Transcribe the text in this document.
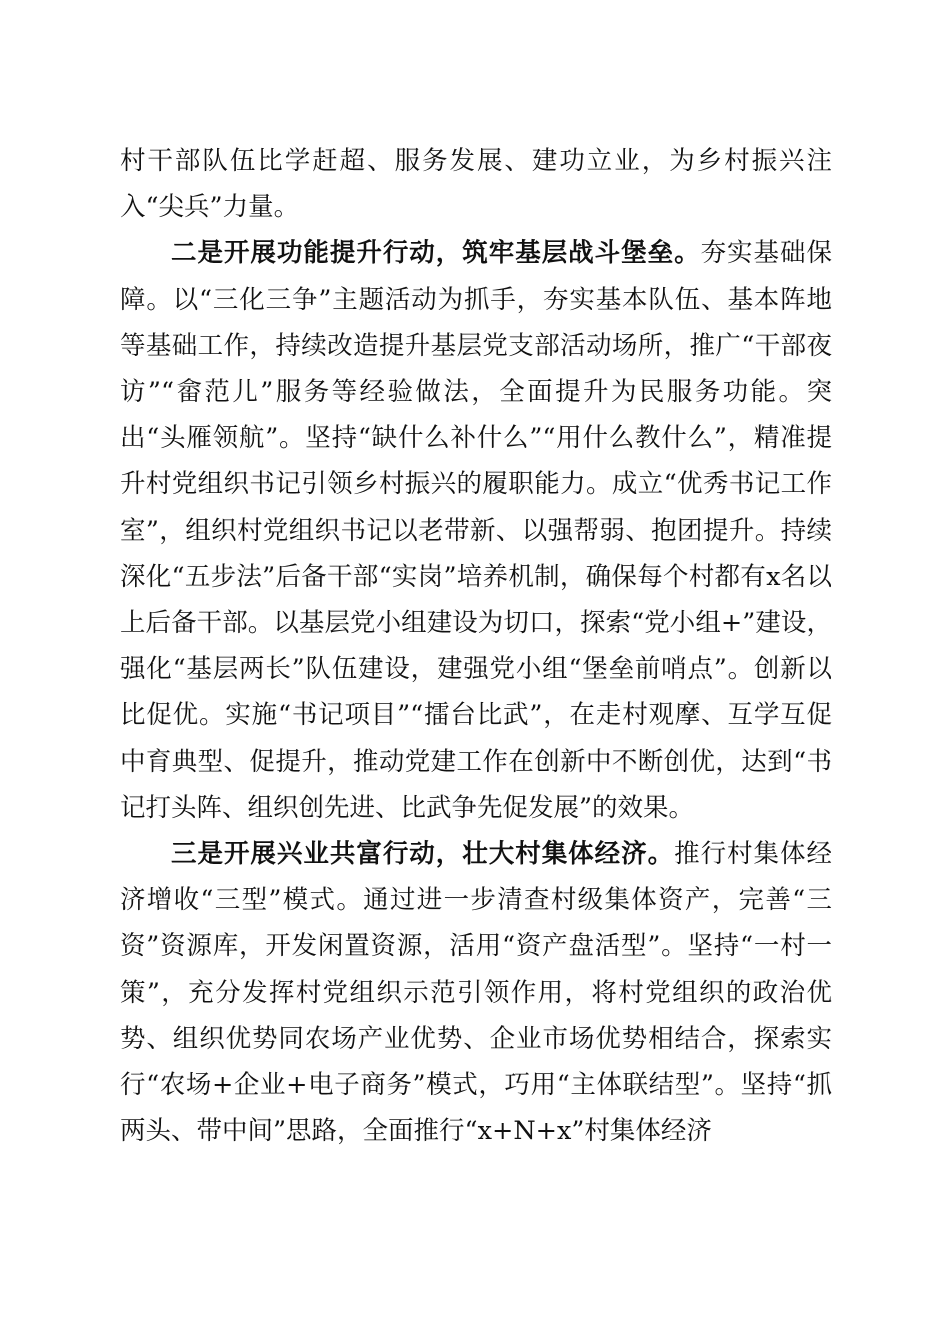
村干部队伍比学赶超、服务发展、建功立业，为乡村振兴注入“尖兵”力量。

二是开展功能提升行动，筑牢基层战斗堡垒。夯实基础保障。以“三化三争”主题活动为抓手，夯实基本队伍、基本阵地等基础工作，持续改造提升基层党支部活动场所，推广“干部夜访”“畲范儿”服务等经验做法，全面提升为民服务功能。突出“头雁领航”。坚持“缺什么补什么”“用什么教什么”，精准提升村党组织书记引领乡村振兴的履职能力。成立“优秀书记工作室”，组织村党组织书记以老带新、以强帮弱、抱团提升。持续深化“五步法”后备干部“实岗”培养机制，确保每个村都有x名以上后备干部。以基层党小组建设为切口，探索“党小组+”建设，强化“基层两长”队伍建设，建强党小组“堡垒前哨点”。创新以比促优。实施“书记项目”“擂台比武”，在走村观摩、互学互促中育典型、促提升，推动党建工作在创新中不断创优，达到“书记打头阵、组织创先进、比武争先促发展”的效果。

三是开展兴业共富行动，壮大村集体经济。推行村集体经济增收“三型”模式。通过进一步清查村级集体资产，完善“三资”资源库，开发闲置资源，活用“资产盘活型”。坚持“一村一策”，充分发挥村党组织示范引领作用，将村党组织的政治优势、组织优势同农场产业优势、企业市场优势相结合，探索实行“农场+企业+电子商务”模式，巧用“主体联结型”。坚持“抓两头、带中间”思路，全面推行“x+N+x”村集体经济
